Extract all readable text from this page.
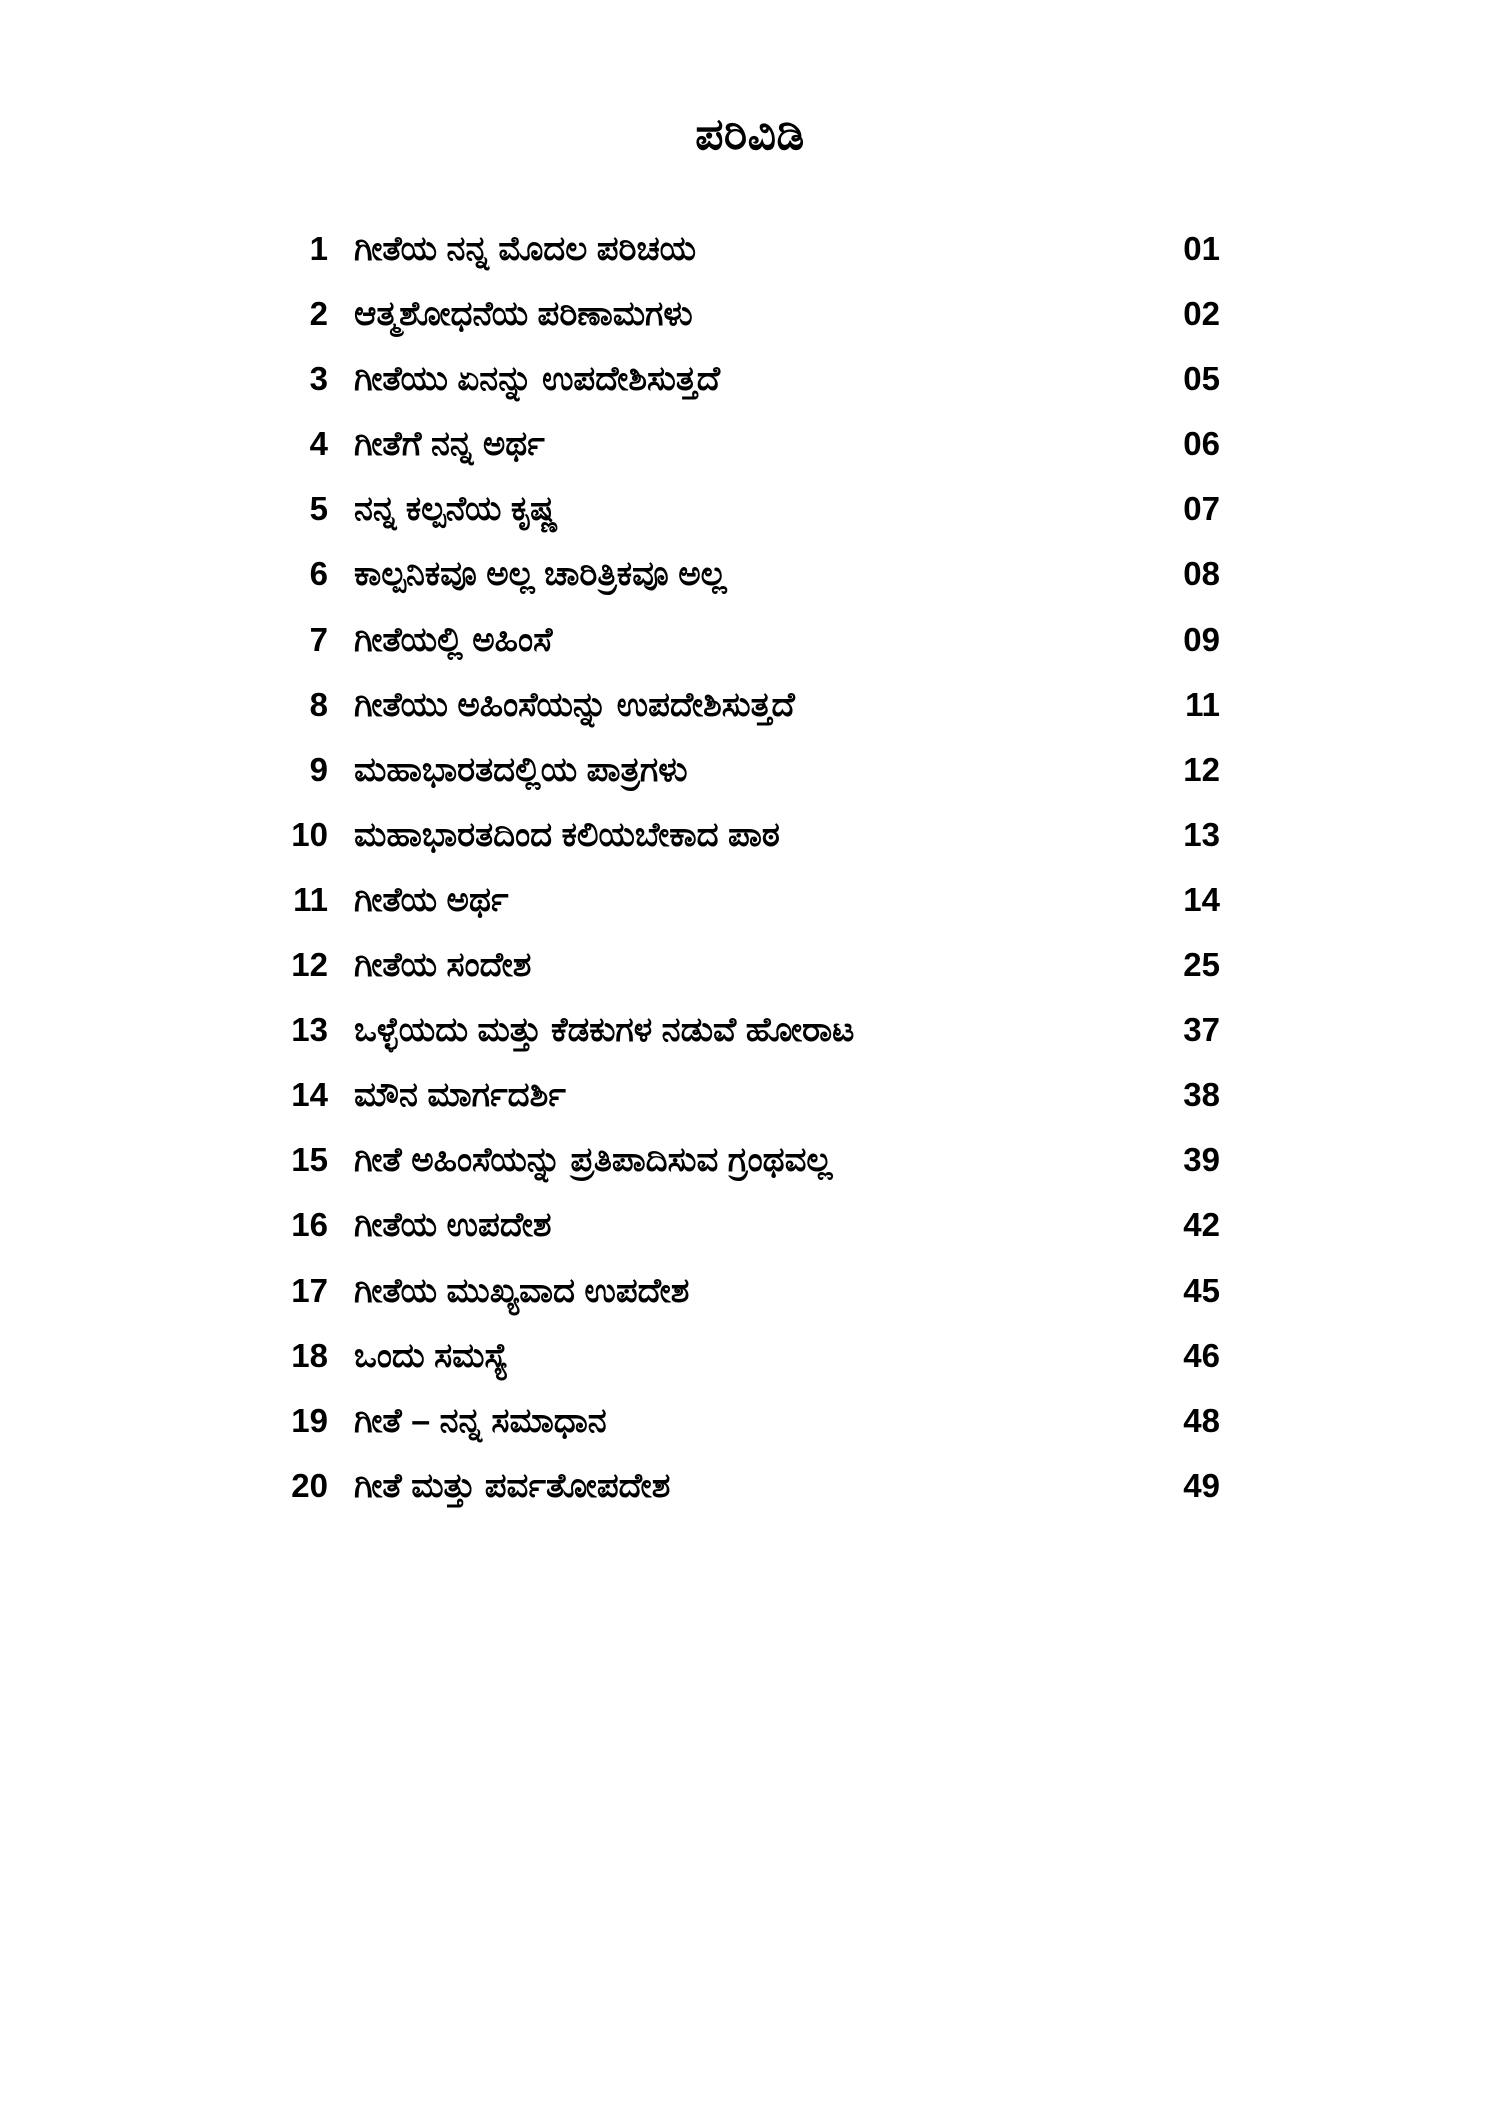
ಪರಿವಿಡಿ
1 ಗೀತೆಯ ನನ್ನ ಮೊದಲ ಪರಿಚಯ	01
2 ಆತ್ಮಶೋಧನೆಯ ಪರಿಣಾಮಗಳು	02
3 ಗೀತೆಯು ಏನನ್ನು ಉಪದೇಶಿಸುತ್ತದೆ	05
4 ಗೀತೆಗೆ ನನ್ನ ಅರ್ಥ	06
5 ನನ್ನ ಕಲ್ಪನೆಯ ಕೃಷ್ಣ	07
6 ಕಾಲ್ಪನಿಕವೂ ಅಲ್ಲ ಚಾರಿತ್ರಿಕವೂ ಅಲ್ಲ	08
7 ಗೀತೆಯಲ್ಲಿ ಅಹಿಂಸೆ	09
8 ಗೀತೆಯು ಅಹಿಂಸೆಯನ್ನು ಉಪದೇಶಿಸುತ್ತದೆ	11
9 ಮಹಾಭಾರತದಲ್ಲಿಯ ಪಾತ್ರಗಳು	12
10 ಮಹಾಭಾರತದಿಂದ ಕಲಿಯಬೇಕಾದ ಪಾಠ	13
11 ಗೀತೆಯ ಅರ್ಥ	14
12 ಗೀತೆಯ ಸಂದೇಶ	25
13 ಒಳ್ಳೆಯದು ಮತ್ತು ಕೆಡಕುಗಳ ನಡುವೆ ಹೋರಾಟ	37
14 ಮೌನ ಮಾರ್ಗದರ್ಶಿ	38
15 ಗೀತೆ ಅಹಿಂಸೆಯನ್ನು ಪ್ರತಿಪಾದಿಸುವ ಗ್ರಂಥವಲ್ಲ	39
16 ಗೀತೆಯ ಉಪದೇಶ	42
17 ಗೀತೆಯ ಮುಖ್ಯವಾದ ಉಪದೇಶ	45
18 ಒಂದು ಸಮಸ್ಯೆ	46
19 ಗೀತೆ – ನನ್ನ ಸಮಾಧಾನ	48
20 ಗೀತೆ ಮತ್ತು ಪರ್ವತೋಪದೇಶ	49
